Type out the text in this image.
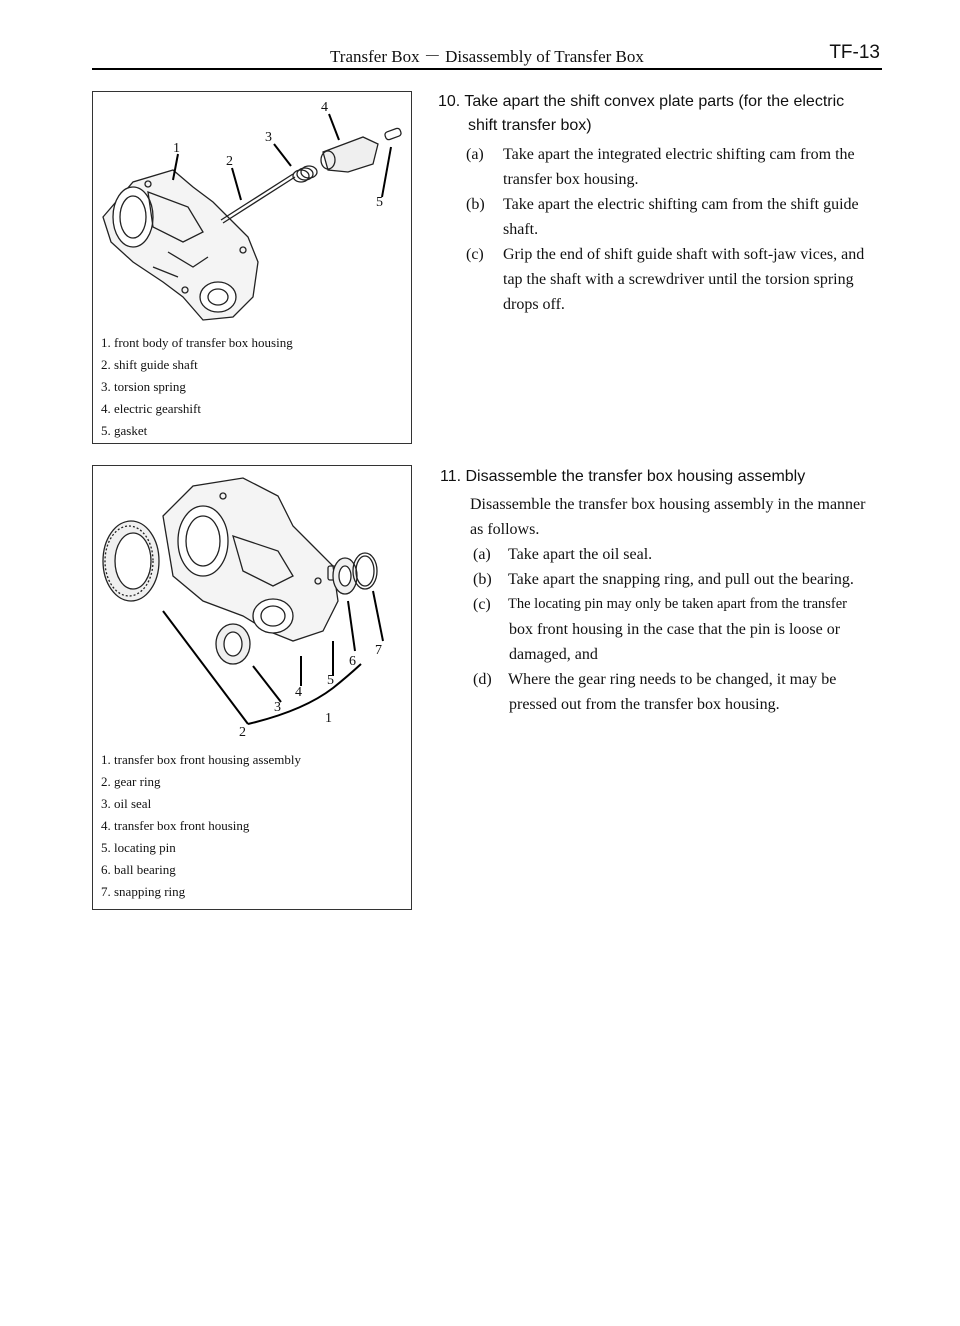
Transfer Box － Disassembly of Transfer Box	TF-13
1
2
3
4
5
1. front body of transfer box housing
2. shift guide shaft
3. torsion spring
4. electric gearshift
5. gasket
10. Take apart the shift convex plate parts (for the electric
shift transfer box)
(a) Take apart the integrated electric shifting cam from the
transfer box housing.
(b) Take apart the electric shifting cam from the shift guide
shaft.
(c) Grip the end of shift guide shaft with soft-jaw vices, and
tap the shaft with a screwdriver until the torsion spring
drops off.
2
3
4
1
5
6
7
1. transfer box front housing assembly
2. gear ring
3. oil seal
4. transfer box front housing
5. locating pin
6. ball bearing
7. snapping ring
11. Disassemble the transfer box housing assembly
Disassemble the transfer box housing assembly in the manner
as follows.
(a) Take apart the oil seal.
(b) Take apart the snapping ring, and pull out the bearing.
(c) The locating pin may only be taken apart from the transfer
box front housing in the case that the pin is loose or
damaged, and
(d) Where the gear ring needs to be changed, it may be
pressed out from the transfer box housing.
